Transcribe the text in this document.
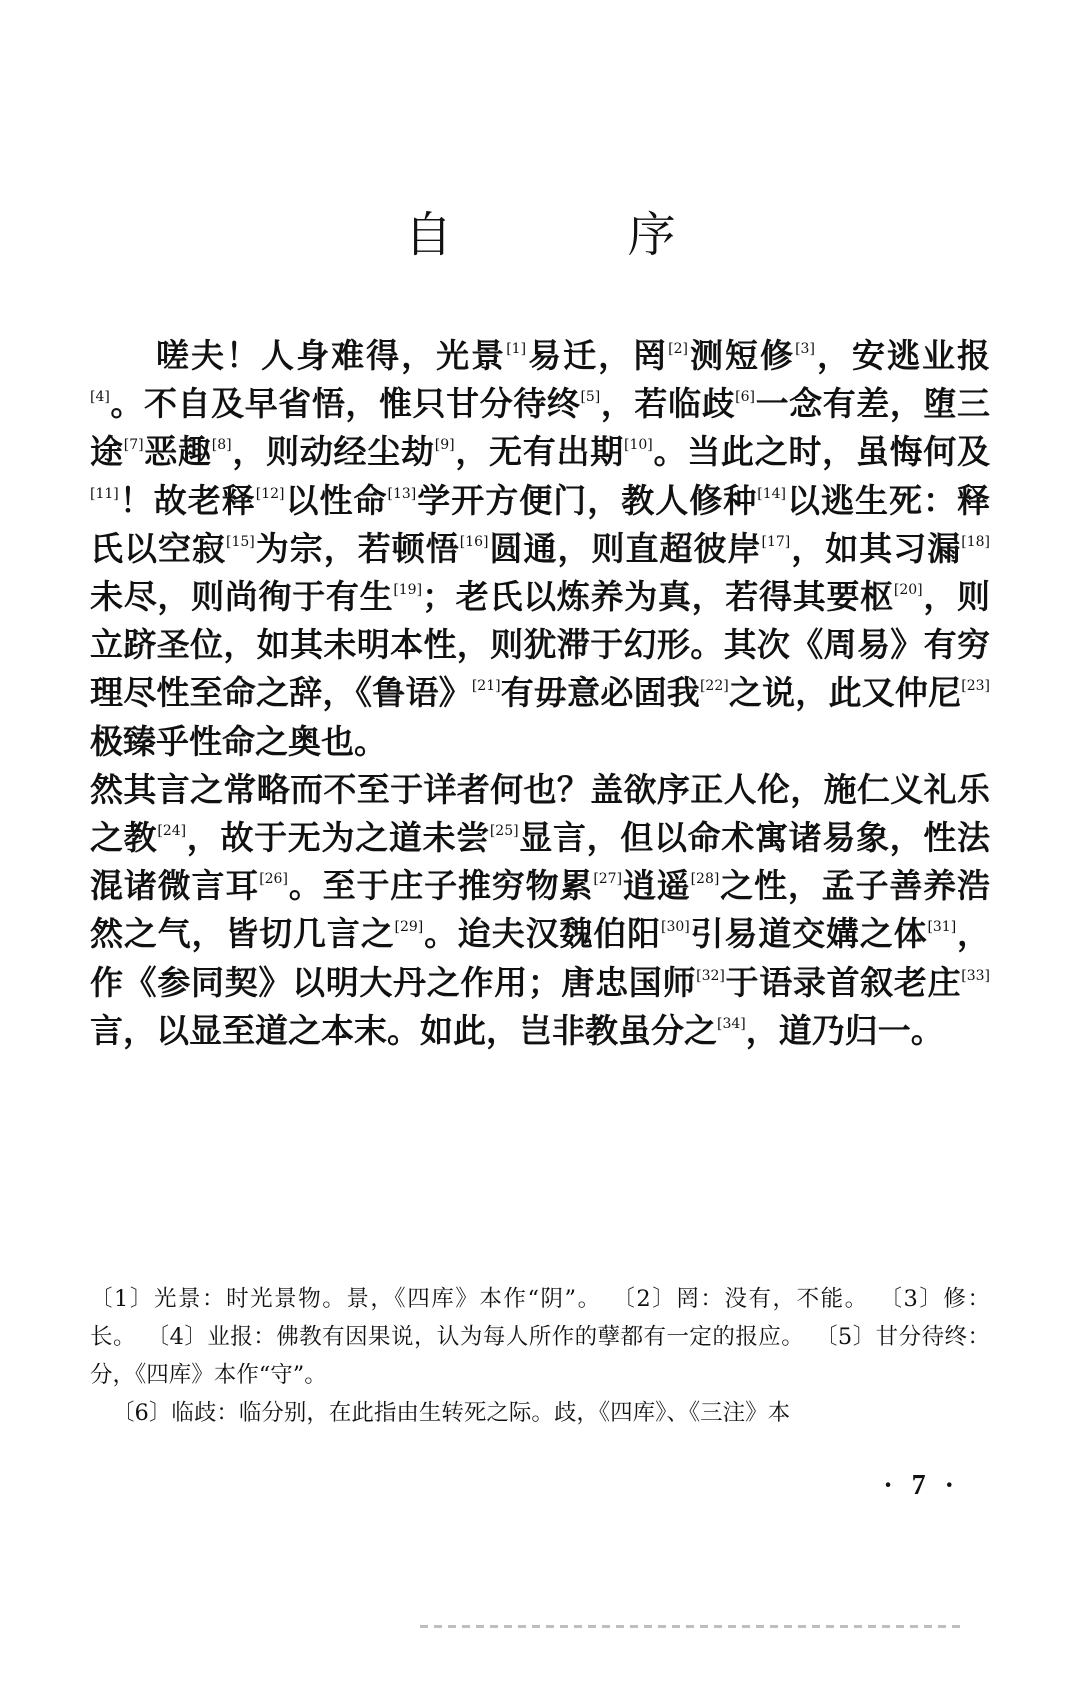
自 序

嗟夫！人身难得，光景[1]易迁，罔[2]测短修[3]，安逃业报[4]。不自及早省悟，惟只甘分待终[5]，若临歧[6]一念有差，堕三途[7]恶趣[8]，则动经尘劫[9]，无有出期[10]。当此之时，虽悔何及[11]！故老释[12]以性命[13]学开方便门，教人修种[14]以逃生死：释氏以空寂[15]为宗，若顿悟[16]圆通，则直超彼岸[17]，如其习漏[18]未尽，则尚徇于有生[19]；老氏以炼养为真，若得其要枢[20]，则立跻圣位，如其未明本性，则犹滞于幻形。其次《周易》有穷理尽性至命之辞，《鲁语》[21]有毋意必固我[22]之说，此又仲尼[23]极臻乎性命之奥也。

然其言之常略而不至于详者何也？盖欲序正人伦，施仁义礼乐之教[24]，故于无为之道未尝[25]显言，但以命术寓诸易象，性法混诸微言耳[26]。至于庄子推穷物累[27]逍遥[28]之性，孟子善养浩然之气，皆切几言之[29]。迨夫汉魏伯阳[30]引易道交媾之体[31]，作《参同契》以明大丹之作用；唐忠国师[32]于语录首叙老庄[33]言，以显至道之本末。如此，岂非教虽分之[34]，道乃归一。

〔1〕光景：时光景物。景，《四库》本作“阴”。 〔2〕罔：没有，不能。 〔3〕修：长。 〔4〕业报：佛教有因果说，认为每人所作的孽都有一定的报应。 〔5〕甘分待终：分，《四库》本作“守”。

〔6〕临歧：临分别，在此指由生转死之际。歧，《四库》、《三注》本

· 7 ·
